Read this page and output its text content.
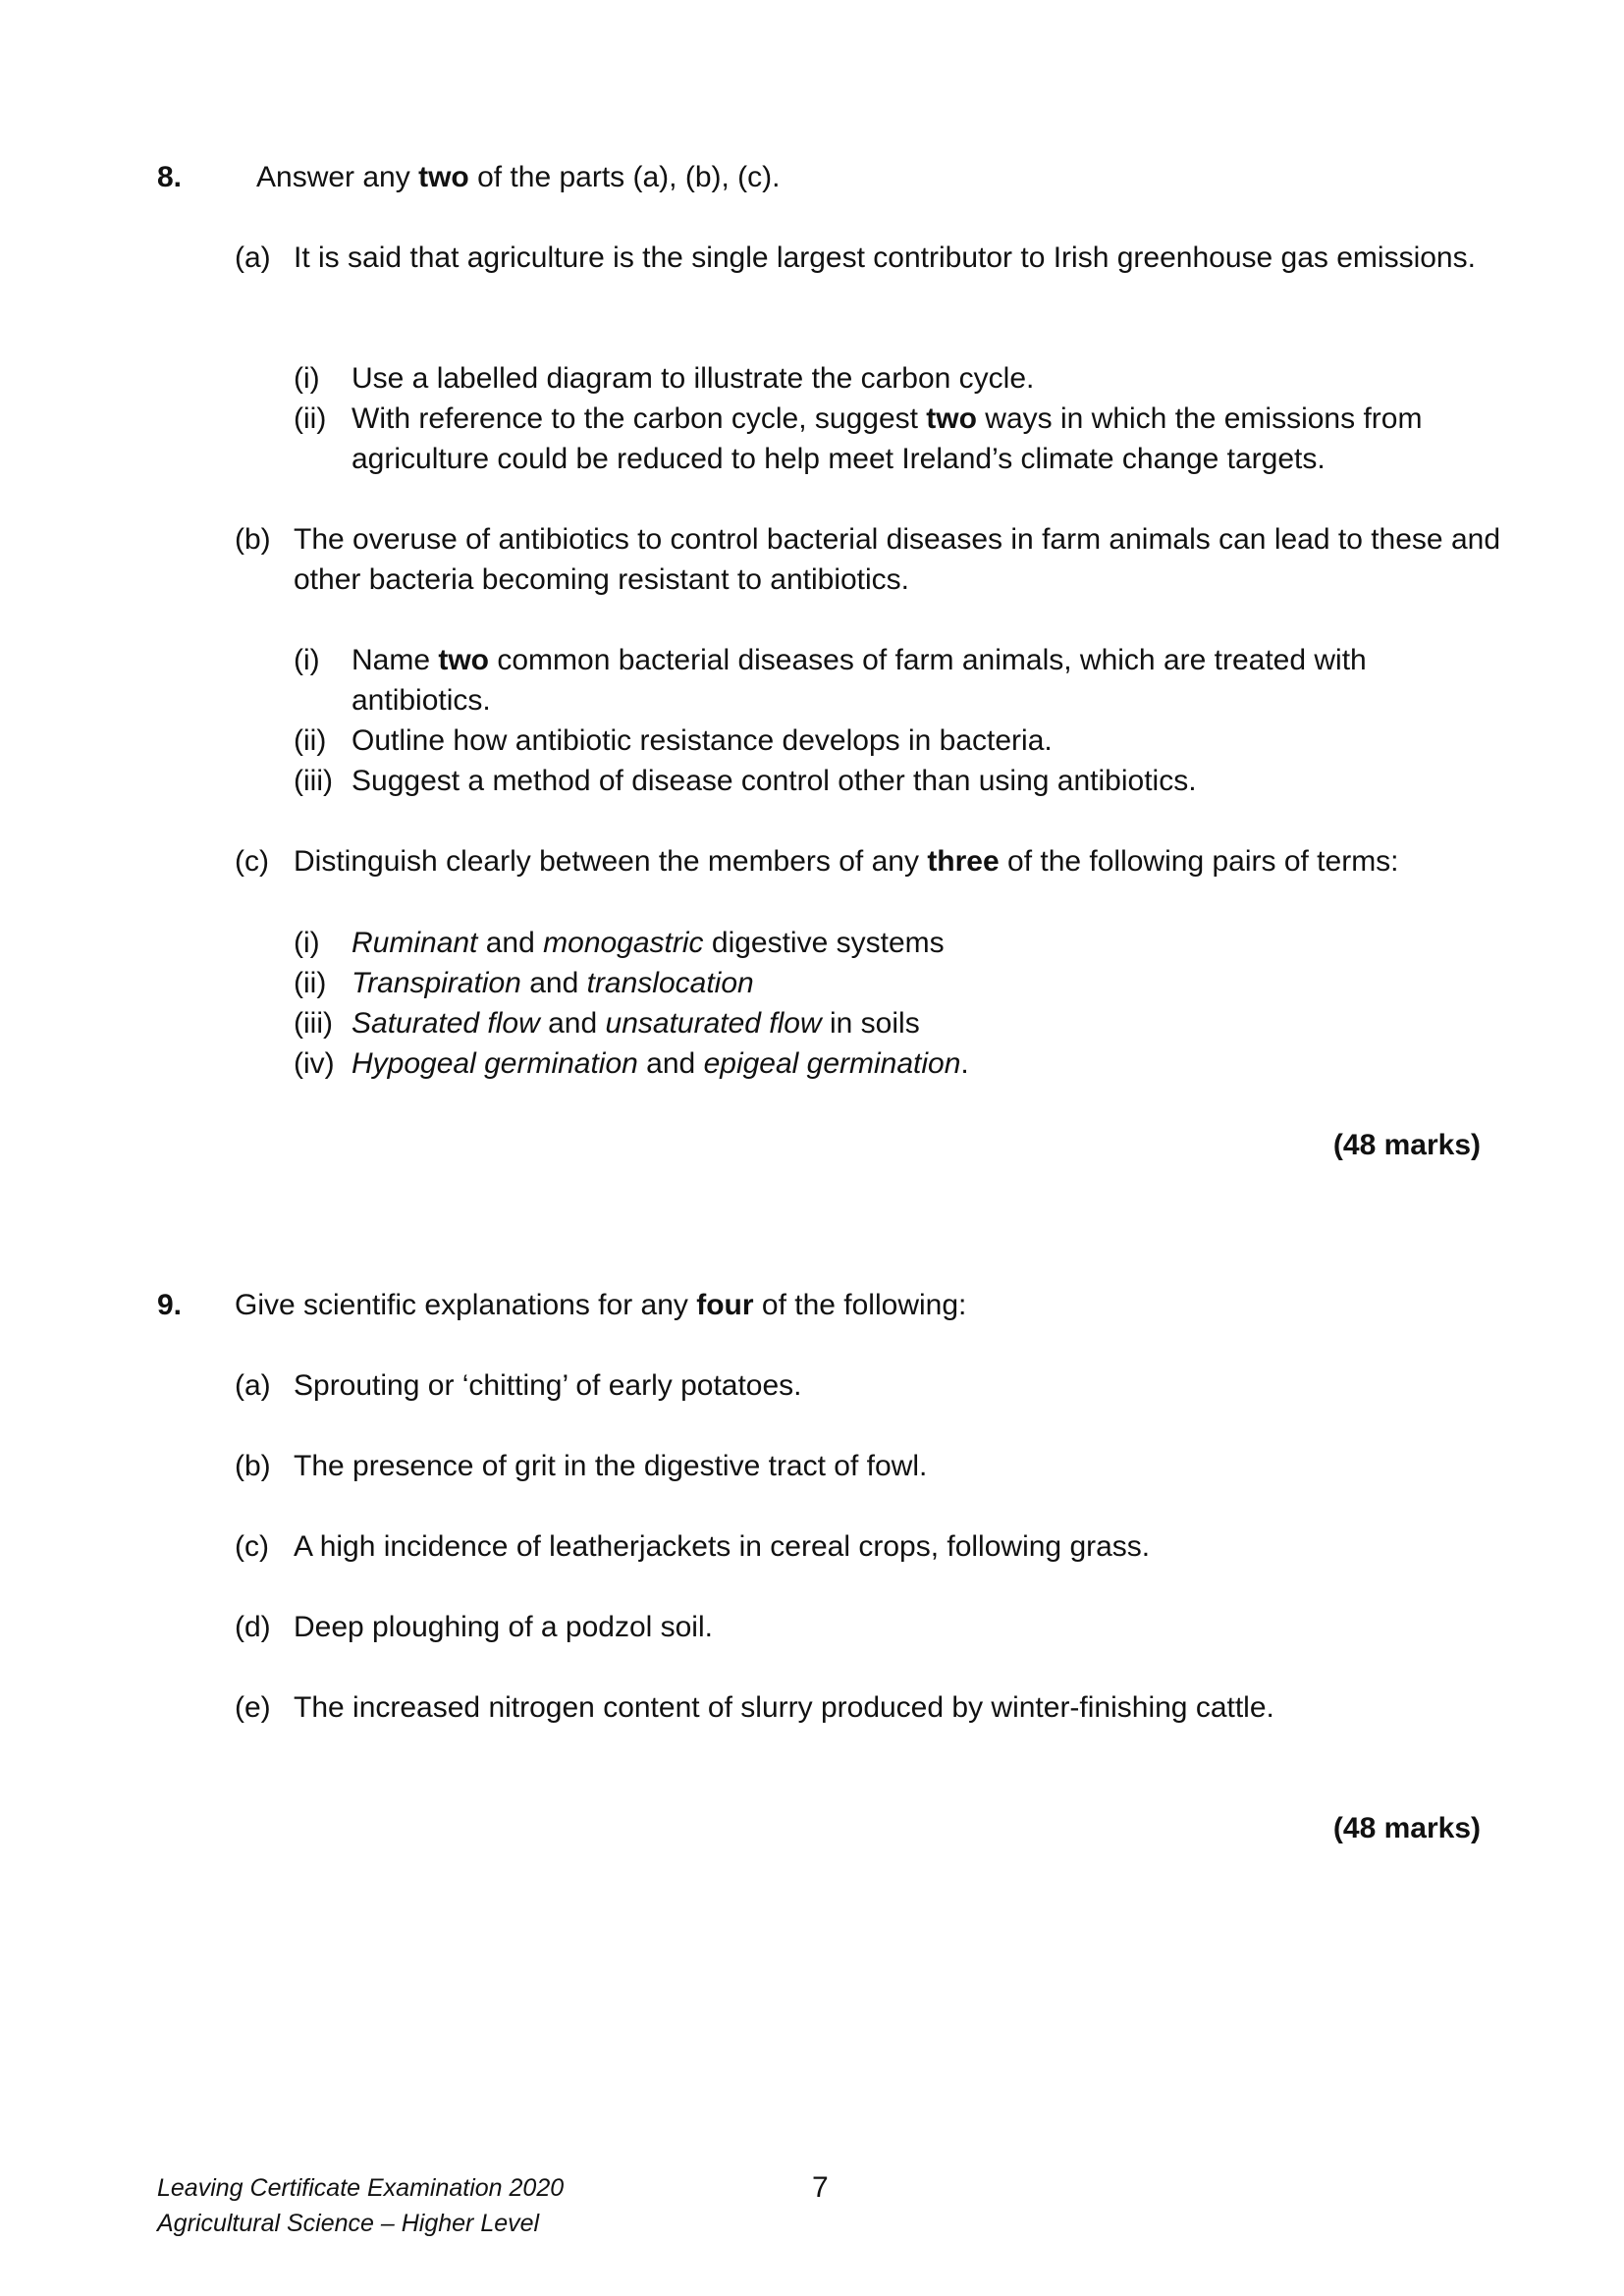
8.	Answer any two of the parts (a), (b), (c).
(a) It is said that agriculture is the single largest contributor to Irish greenhouse gas emissions.
(i) Use a labelled diagram to illustrate the carbon cycle.
(ii) With reference to the carbon cycle, suggest two ways in which the emissions from agriculture could be reduced to help meet Ireland’s climate change targets.
(b) The overuse of antibiotics to control bacterial diseases in farm animals can lead to these and other bacteria becoming resistant to antibiotics.
(i) Name two common bacterial diseases of farm animals, which are treated with antibiotics.
(ii) Outline how antibiotic resistance develops in bacteria.
(iii) Suggest a method of disease control other than using antibiotics.
(c) Distinguish clearly between the members of any three of the following pairs of terms:
(i) Ruminant and monogastric digestive systems
(ii) Transpiration and translocation
(iii) Saturated flow and unsaturated flow in soils
(iv) Hypogeal germination and epigeal germination.
(48 marks)
9. Give scientific explanations for any four of the following:
(a) Sprouting or ‘chitting’ of early potatoes.
(b) The presence of grit in the digestive tract of fowl.
(c) A high incidence of leatherjackets in cereal crops, following grass.
(d) Deep ploughing of a podzol soil.
(e) The increased nitrogen content of slurry produced by winter-finishing cattle.
(48 marks)
Leaving Certificate Examination 2020
Agricultural Science – Higher Level
7
